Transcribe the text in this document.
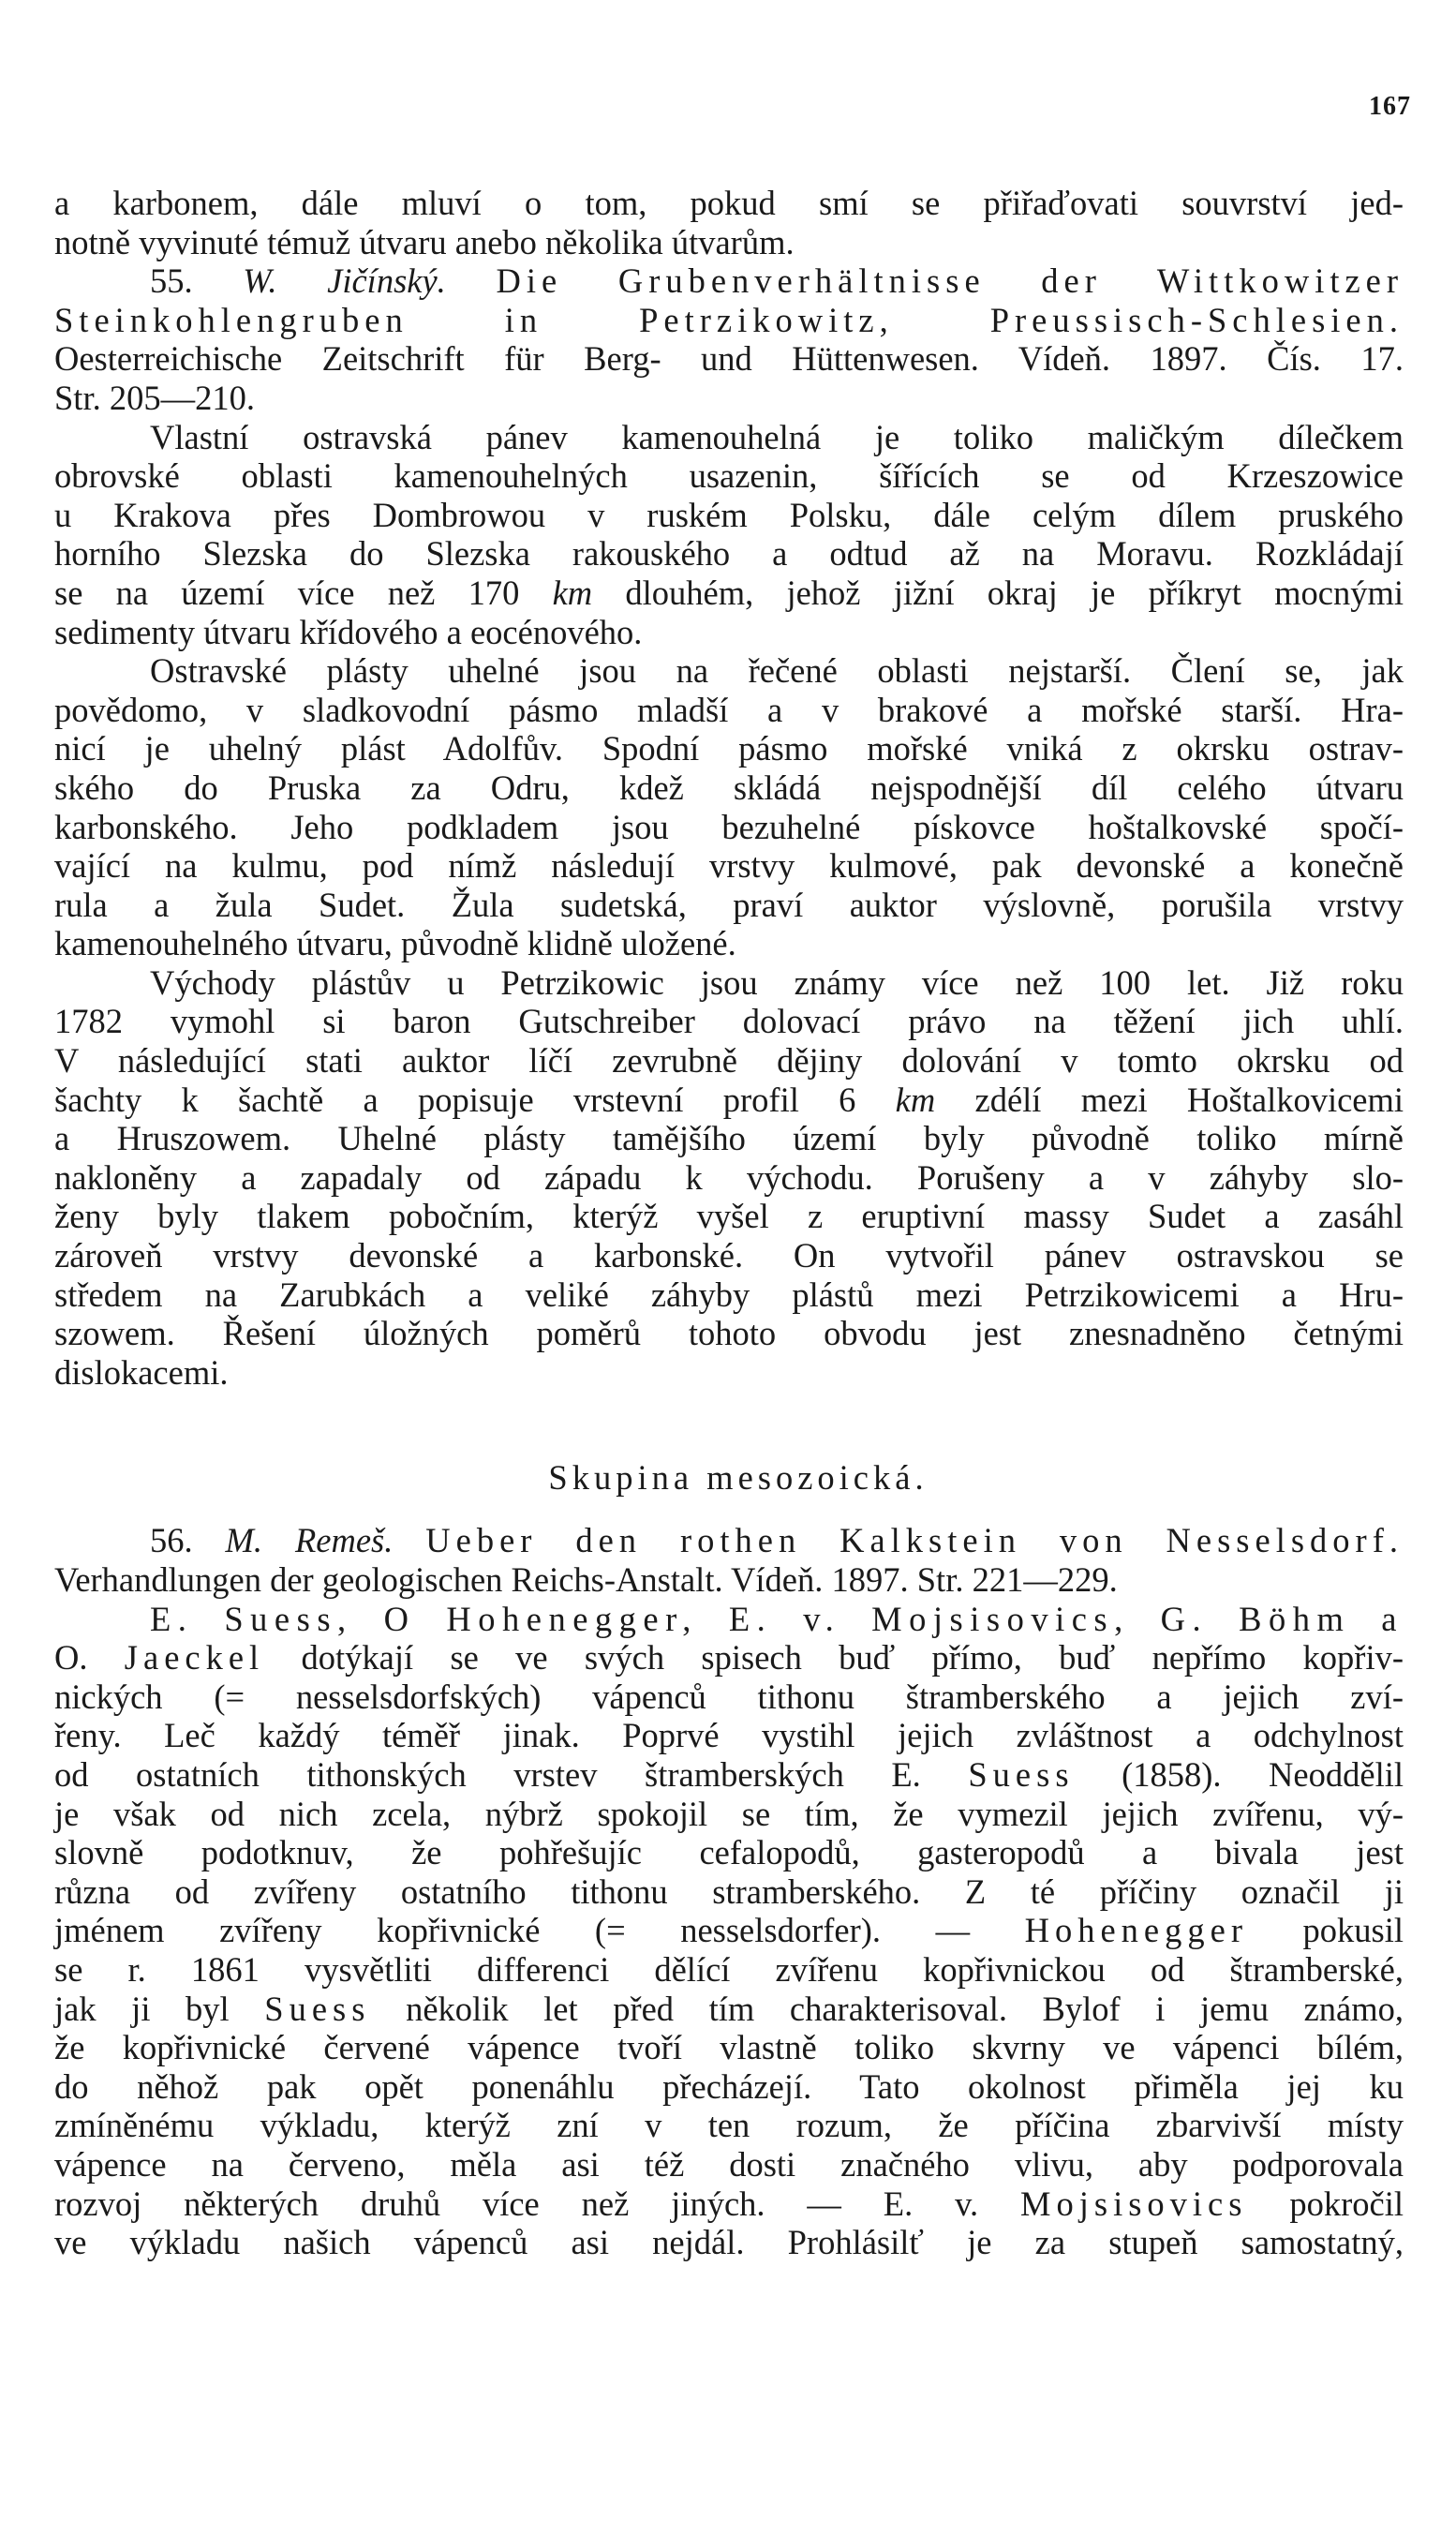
167
a karbonem, dále mluví o tom, pokud smí se přiřaďovati souvrství jed-
notně vyvinuté témuž útvaru anebo několika útvarům.
55. W. Jičínský. Die Grubenverhältnisse der Wittkowitzer
Steinkohlengruben in Petrzikowitz, Preussisch-Schlesien.
Oesterreichische Zeitschrift für Berg- und Hüttenwesen. Vídeň. 1897. Čís. 17.
Str. 205—210.
Vlastní ostravská pánev kamenouhelná je toliko maličkým dílečkem
obrovské oblasti kamenouhelných usazenin, šířících se od Krzeszowice
u Krakova přes Dombrowou v ruském Polsku, dále celým dílem pruského
horního Slezska do Slezska rakouského a odtud až na Moravu. Rozkládají
se na území více než 170 km dlouhém, jehož jižní okraj je příkryt mocnými
sedimenty útvaru křídového a eocénového.
Ostravské plásty uhelné jsou na řečené oblasti nejstarší. Člení se, jak
povědomo, v sladkovodní pásmo mladší a v brakové a mořské starší. Hra-
nicí je uhelný plást Adolfův. Spodní pásmo mořské vniká z okrsku ostrav-
ského do Pruska za Odru, kdež skládá nejspodnější díl celého útvaru
karbonského. Jeho podkladem jsou bezuhelné pískovce hoštalkovské spočí-
vající na kulmu, pod nímž následují vrstvy kulmové, pak devonské a konečně
rula a žula Sudet. Žula sudetská, praví auktor výslovně, porušila vrstvy
kamenouhelného útvaru, původně klidně uložené.
Východy plástův u Petrzikowic jsou známy více než 100 let. Již roku
1782 vymohl si baron Gutschreiber dolovací právo na těžení jich uhlí.
V následující stati auktor líčí zevrubně dějiny dolování v tomto okrsku od
šachty k šachtě a popisuje vrstevní profil 6 km zdélí mezi Hoštalkovicemi
a Hruszowem. Uhelné plásty tamějšího území byly původně toliko mírně
nakloněny a zapadaly od západu k východu. Porušeny a v záhyby slo-
ženy byly tlakem pobočním, kterýž vyšel z eruptivní massy Sudet a zasáhl
zároveň vrstvy devonské a karbonské. On vytvořil pánev ostravskou se
středem na Zarubkách a veliké záhyby plástů mezi Petrzikowicemi a Hru-
szowem. Řešení úložných poměrů tohoto obvodu jest znesnadněno četnými
dislokacemi.
Skupina mesozoická.
56. M. Remeš. Ueber den rothen Kalkstein von Nesselsdorf.
Verhandlungen der geologischen Reichs-Anstalt. Vídeň. 1897. Str. 221—229.
E. Suess, O Hohenegger, E. v. Mojsisovics, G. Böhm a
O. Jaeckel dotýkají se ve svých spisech buď přímo, buď nepřímo kopřiv-
nických (= nesselsdorfských) vápenců tithonu štramberského a jejich zví-
řeny. Leč každý téměř jinak. Poprvé vystihl jejich zvláštnost a odchylnost
od ostatních tithonských vrstev štramberských E. Suess (1858). Neoddělil
je však od nich zcela, nýbrž spokojil se tím, že vymezil jejich zvířenu, vý-
slovně podotknuv, že pohřešujíc cefalopodů, gasteropodů a bivala jest
různa od zvířeny ostatního tithonu stramberského. Z té příčiny označil ji
jménem zvířeny kopřivnické (= nesselsdorfer). — Hohenegger pokusil
se r. 1861 vysvětliti differenci dělící zvířenu kopřivnickou od štramberské,
jak ji byl Suess několik let před tím charakterisoval. Bylof i jemu známo,
že kopřivnické červené vápence tvoří vlastně toliko skvrny ve vápenci bílém,
do něhož pak opět ponenáhlu přecházejí. Tato okolnost přiměla jej ku
zmíněnému výkladu, kterýž zní v ten rozum, že příčina zbarvivší místy
vápence na červeno, měla asi též dosti značného vlivu, aby podporovala
rozvoj některých druhů více než jiných. — E. v. Mojsisovics pokročil
ve výkladu našich vápenců asi nejdál. Prohlásilť je za stupeň samostatný,
